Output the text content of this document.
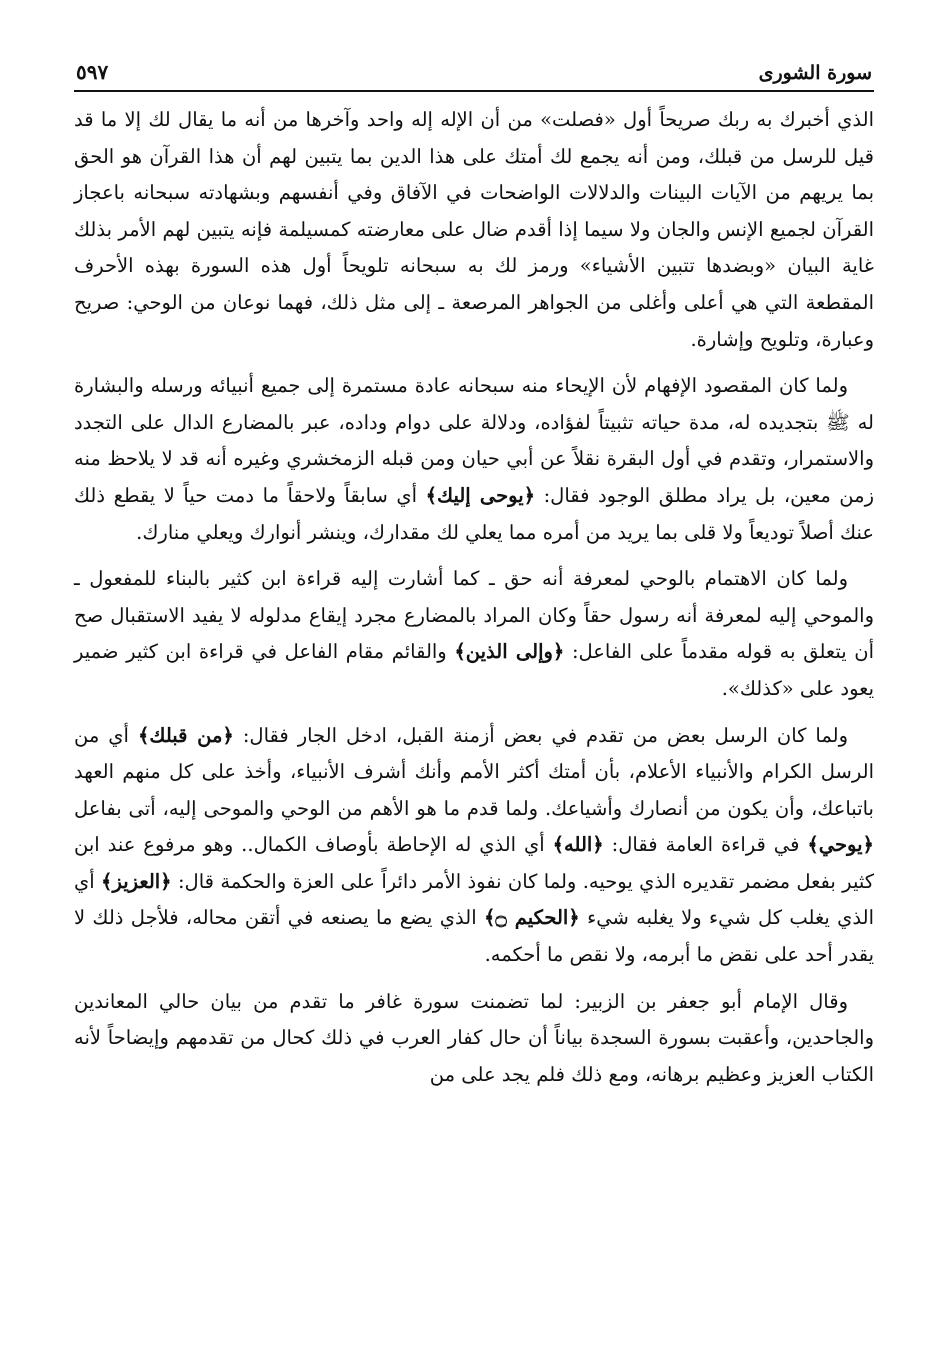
سورة الشورى
٥٩٧

الذي أخبرك به ربك صريحاً أول «فصلت» من أن الإله إله واحد وآخرها من أنه ما يقال لك إلا ما قد قيل للرسل من قبلك، ومن أنه يجمع لك أمتك على هذا الدين بما يتبين لهم أن هذا القرآن هو الحق بما يريهم من الآيات البينات والدلالات الواضحات في الآفاق وفي أنفسهم وبشهادته سبحانه باعجاز القرآن لجميع الإنس والجان ولا سيما إذا أقدم ضال على معارضته كمسيلمة فإنه يتبين لهم الأمر بذلك غاية البيان «وبضدها تتبين الأشياء» ورمز لك به سبحانه تلويحاً أول هذه السورة بهذه الأحرف المقطعة التي هي أعلى وأغلى من الجواهر المرصعة ـ إلى مثل ذلك، فهما نوعان من الوحي: صريح وعبارة، وتلويح وإشارة.

ولما كان المقصود الإفهام لأن الإيحاء منه سبحانه عادة مستمرة إلى جميع أنبيائه ورسله والبشارة له ﷺ بتجديده له، مدة حياته تثبيتاً لفؤاده، ودلالة على دوام وداده، عبر بالمضارع الدال على التجدد والاستمرار، وتقدم في أول البقرة نقلاً عن أبي حيان ومن قبله الزمخشري وغيره أنه قد لا يلاحظ منه زمن معين، بل يراد مطلق الوجود فقال: ﴿يوحى إليك﴾ أي سابقاً ولاحقاً ما دمت حياً لا يقطع ذلك عنك أصلاً توديعاً ولا قلى بما يريد من أمره مما يعلي لك مقدارك، وينشر أنوارك ويعلي منارك.

ولما كان الاهتمام بالوحي لمعرفة أنه حق ـ كما أشارت إليه قراءة ابن كثير بالبناء للمفعول ـ والموحي إليه لمعرفة أنه رسول حقاً وكان المراد بالمضارع مجرد إيقاع مدلوله لا يفيد الاستقبال صح أن يتعلق به قوله مقدماً على الفاعل: ﴿وإلى الذين﴾ والقائم مقام الفاعل في قراءة ابن كثير ضمير يعود على «كذلك».

ولما كان الرسل بعض من تقدم في بعض أزمنة القبل، ادخل الجار فقال: ﴿من قبلك﴾ أي من الرسل الكرام والأنبياء الأعلام، بأن أمتك أكثر الأمم وأنك أشرف الأنبياء، وأخذ على كل منهم العهد باتباعك، وأن يكون من أنصارك وأشياعك. ولما قدم ما هو الأهم من الوحي والموحى إليه، أتى بفاعل ﴿يوحي﴾ في قراءة العامة فقال: ﴿الله﴾ أي الذي له الإحاطة بأوصاف الكمال.. وهو مرفوع عند ابن كثير بفعل مضمر تقديره الذي يوحيه. ولما كان نفوذ الأمر دائراً على العزة والحكمة قال: ﴿العزيز﴾ أي الذي يغلب كل شيء ولا يغلبه شيء ﴿الحكيم ۝﴾ الذي يضع ما يصنعه في أتقن محاله، فلأجل ذلك لا يقدر أحد على نقض ما أبرمه، ولا نقص ما أحكمه.

وقال الإمام أبو جعفر بن الزبير: لما تضمنت سورة غافر ما تقدم من بيان حالي المعاندين والجاحدين، وأعقبت بسورة السجدة بياناً أن حال كفار العرب في ذلك كحال من تقدمهم وإيضاحاً لأنه الكتاب العزيز وعظيم برهانه، ومع ذلك فلم يجد على من
